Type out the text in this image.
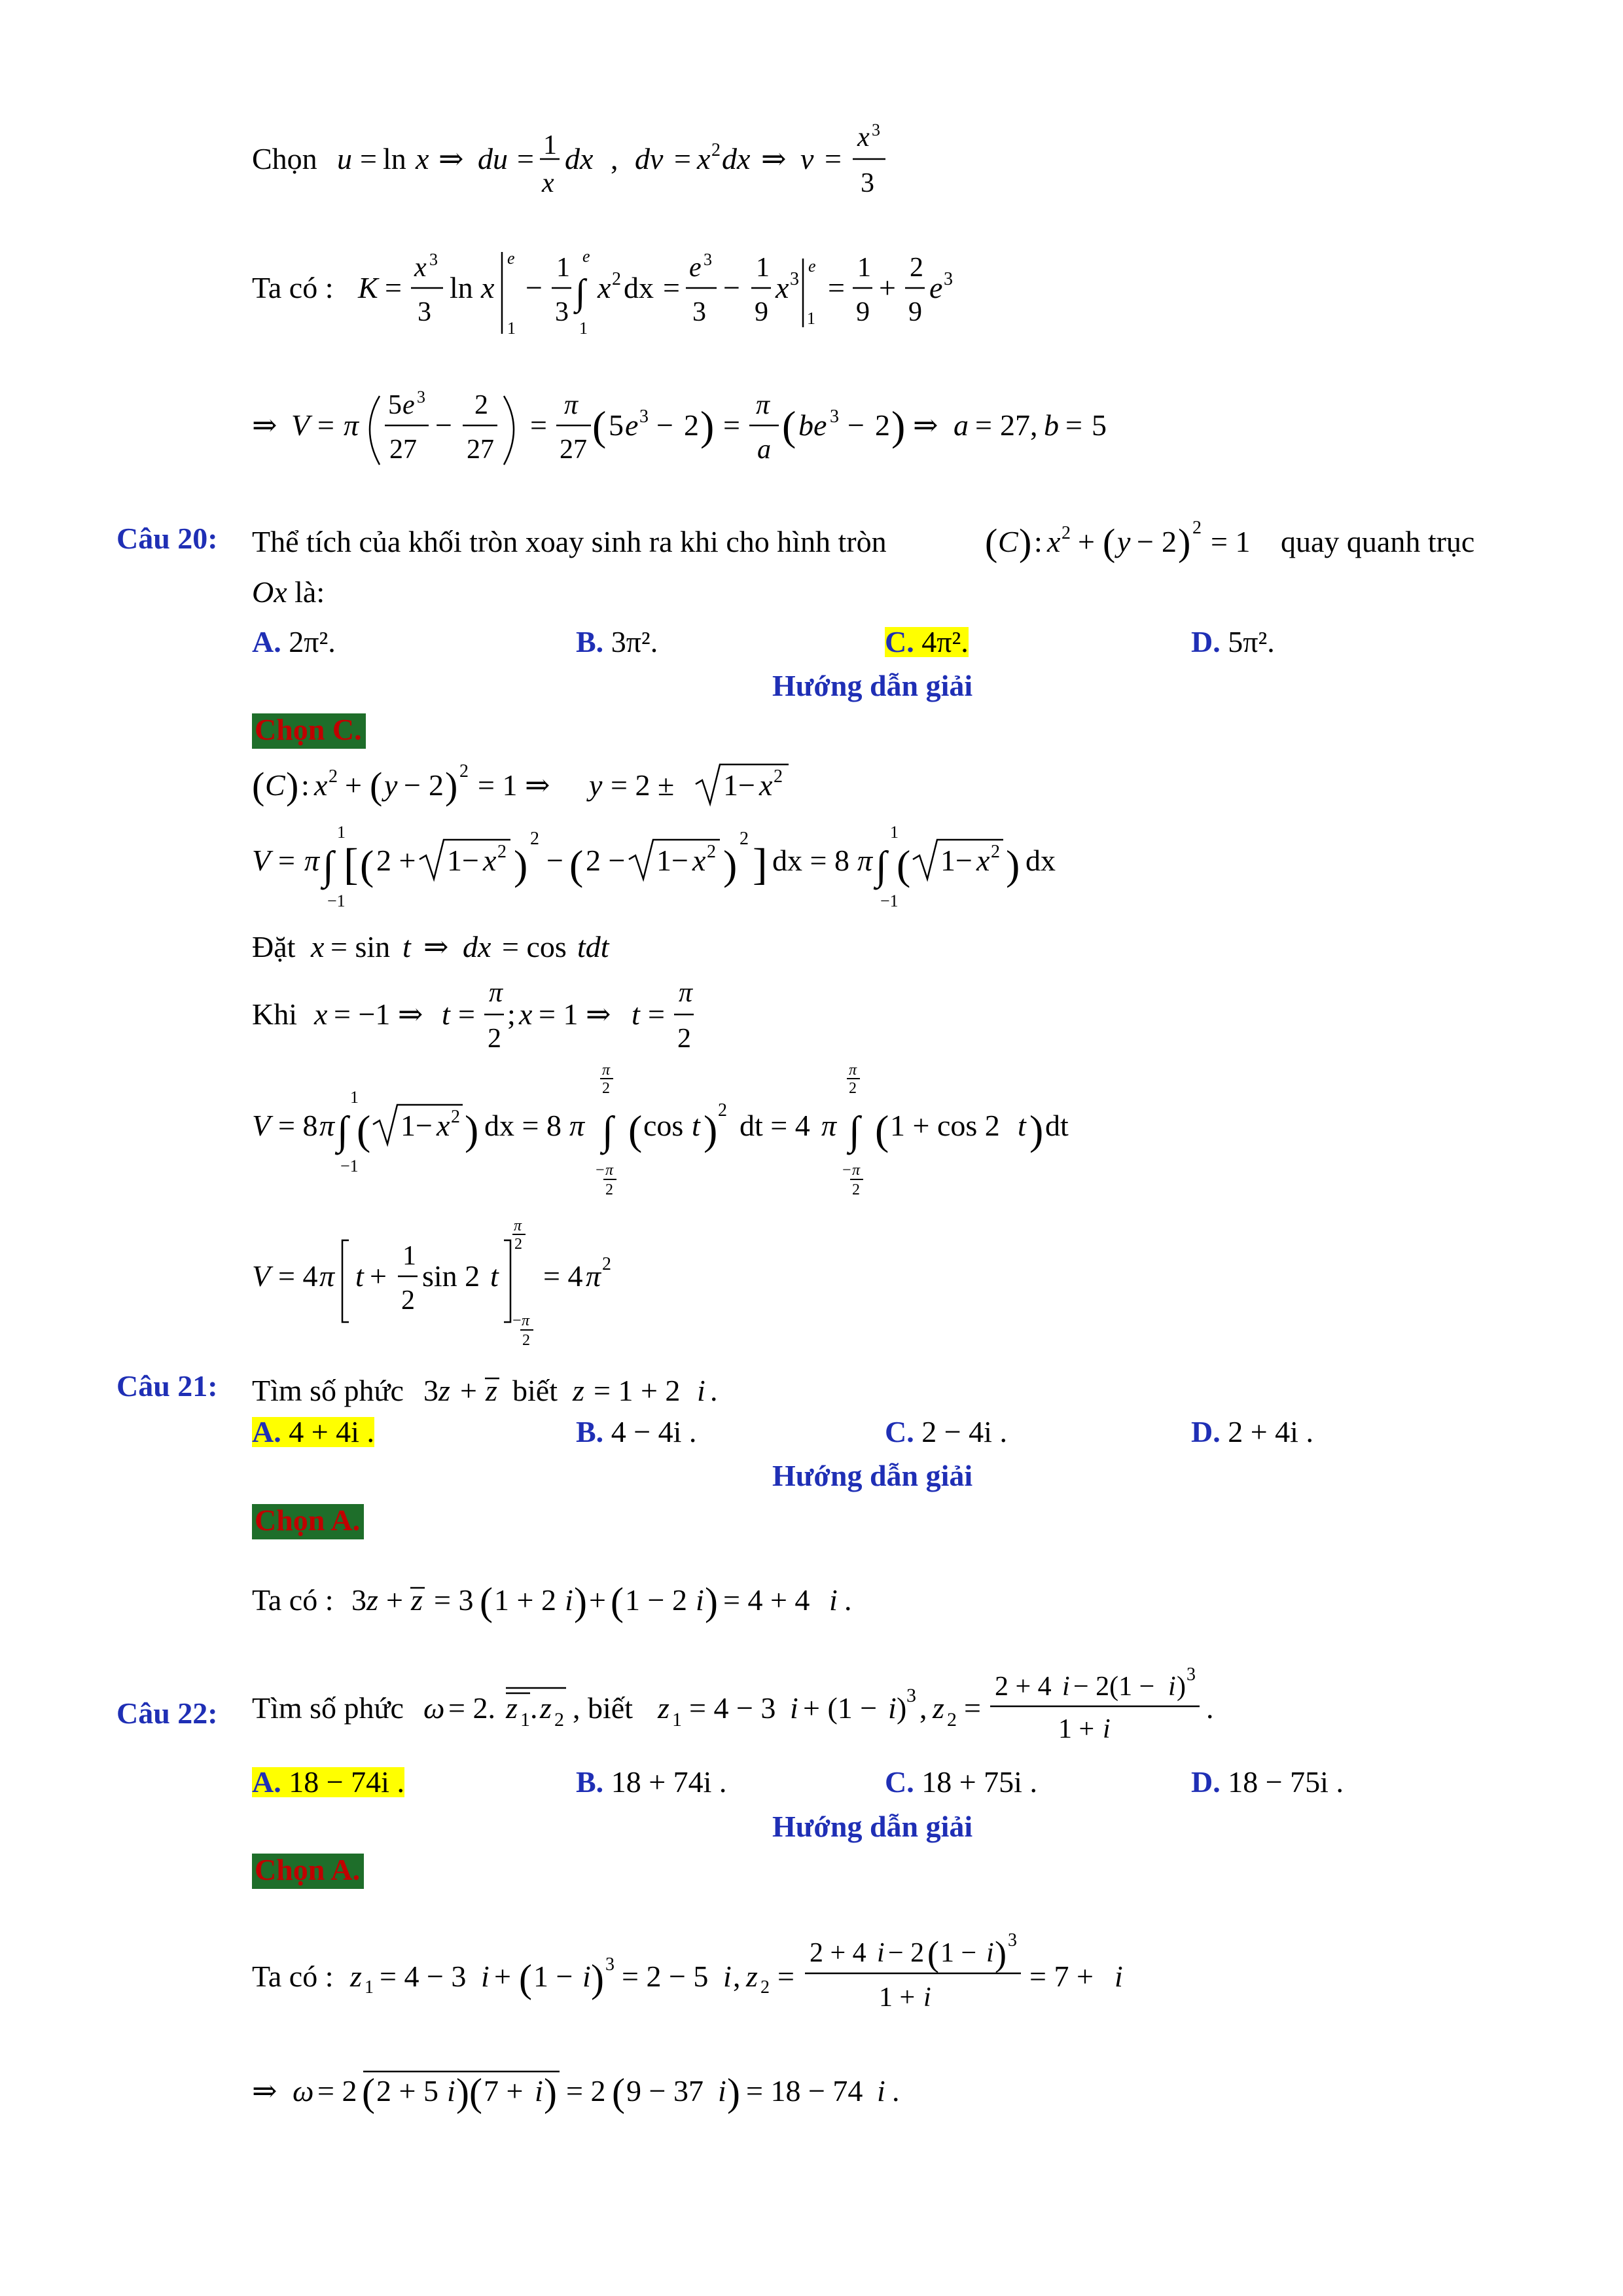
Chọn u = ln x ⇒ du = 1
x
dx , dv = x 2 dx ⇒ v =
x 3
3
Ta có : K =
x 3
3
ln x
e
1
−
1
3 ∫
e
1
x 2 dx =
e 3
3
−
1
9
x 3
e
1
=
1
9
+
2
9
e 3
⇒ V = π
5 e 3
27
−
2
27
=
π
27
( 5 e 3 − 2 ) =
π
a
( be 3 − 2 ) ⇒ a = 27, b = 5
Câu 20: Thể tích của khối tròn xoay sinh ra khi cho hình tròn	( C ) : x 2 + ( y − 2 ) 2 = 1 quay quanh trục
Ox là:
A. 2π².	B. 3π².	C. 4π².	D. 5π².
Hướng dẫn giải
Chọn C.
( C ) : x 2 + ( y − 2 ) 2 = 1 ⇒ y = 2 ± 1− x 2
V = π ∫
1
−1
[ ( 2 + 1− x 2 )
2
− ( 2 − 1− x 2 )
2
] dx = 8 π ∫
1
−1
( 1− x 2 ) dx
Đặt x = sin t ⇒ dx = cos tdt
Khi x = −1 ⇒ t =
π
2
; x = 1 ⇒ t =
π
2
V = 8 π ∫
1
−1
( 1− x 2 ) dx = 8 π ∫
π
2
− π
2
( cos t ) 2 dt = 4 π ∫
π
2
− π
2
( 1 + cos 2 t ) dt
V = 4 π t +
1
2
sin 2 t
π
2
− π
2
= 4 π 2
Câu 21: Tìm số phức 3 z + z biết z = 1 + 2 i .
A. 4 + 4i .	B. 4 − 4i .	C. 2 − 4i .	D. 2 + 4i .
Hướng dẫn giải
Chọn A.
Ta có : 3 z + z = 3 ( 1 + 2 i ) + ( 1 − 2 i ) = 4 + 4 i .
Câu 22: Tìm số phức ω = 2. z 1 . z 2 , biết z 1 = 4 − 3 i + (1 − i ) 3 , z 2 =
2 + 4 i − 2(1 − i ) 3
1 + i
.
A. 18 − 74i .	B. 18 + 74i .	C. 18 + 75i .	D. 18 − 75i .
Hướng dẫn giải
Chọn A.
Ta có : z 1 = 4 − 3 i + ( 1 − i ) 3 = 2 − 5 i , z 2 =
2 + 4 i − 2 ( 1 − i ) 3
1 + i
= 7 + i
⇒ ω = 2 ( 2 + 5 i ) ( 7 + i ) = 2 ( 9 − 37 i ) = 18 − 74 i .
